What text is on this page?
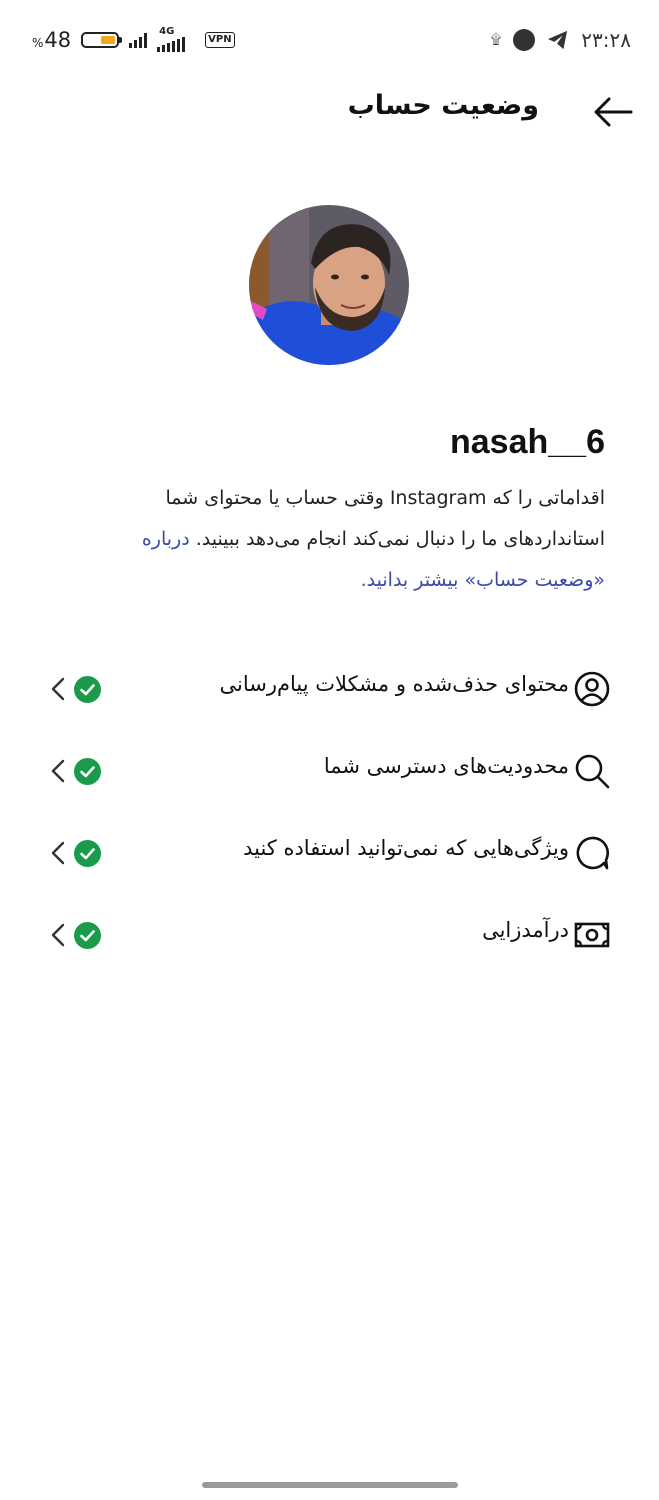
% 48	4G
VPN	۩	۲۳:۲۸
وضعیت حساب
nasah__6
اقداماتی را که Instagram وقتی حساب یا محتوای شما استانداردهای ما را دنبال نمی‌کند انجام می‌دهد ببینید. درباره «وضعیت حساب» بیشتر بدانید.
محتوای حذف‌شده و مشکلات پیام‌رسانی
محدودیت‌های دسترسی شما
ویژگی‌هایی که نمی‌توانید استفاده کنید
درآمدزایی
